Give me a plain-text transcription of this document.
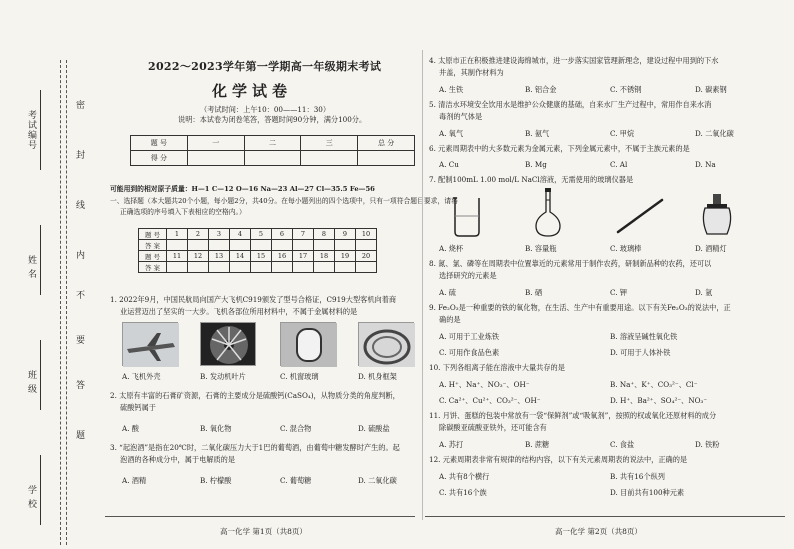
考试编号
班 级
姓 名
学 校
密
封
线
内
不
要
答
题
2022～2023学年第一学期高一年级期末考试
化学试卷
（考试时间：上午10：00——11：30）
说明：本试卷为闭卷笔答，答题时间90分钟，满分100分。
题 号	一	二	三	总 分
得 分				
可能用到的相对原子质量：H—1 C—12 O—16 Na—23 Al—27 Cl—35.5 Fe—56
一、选择题（本大题共20个小题，每小题2分，共40分。在每小题列出的四个选项中，只有一项符合题目要求，请将
正确选项的序号填入下表相应的空格内。）
题 号	1	2	3	4	5	6	7	8	9	10
答 案										
题 号	11	12	13	14	15	16	17	18	19	20
答 案										
1. 2022年9月，中国民航局向国产大飞机C919颁发了型号合格证，C919大型客机向着商
业运营迈出了坚实的一大步。飞机各部位所用材料中，不属于金属材料的是
A. 飞机外壳	B. 发动机叶片	C. 机窗玻璃	D. 机身框架
2. 太原有丰富的石膏矿资源，石膏的主要成分是硫酸钙(CaSO₄)，从物质分类的角度判断，
硫酸钙属于
A. 酸	B. 氧化物	C. 混合物	D. 硫酸盐
3. “起泡酒”是指在20℃时，二氧化碳压力大于1巴的葡萄酒，由葡萄中糖发酵时产生的。起
泡酒的各种成分中，属于电解质的是
A. 酒精	B. 柠檬酸	C. 葡萄糖	D. 二氧化碳
高一化学 第1页（共8页）
4. 太原市正在积极推进建设海绵城市，进一步落实国家管理新理念，建设过程中用到的下水
井盖，其制作材料为
A. 生铁	B. 铝合金	C. 不锈钢	D. 碳素钢
5. 清洁水环境安全饮用水是维护公众健康的基础，自来水厂生产过程中，常用作自来水消
毒剂的气体是
A. 氧气	B. 氨气	C. 甲烷	D. 二氧化碳
6. 元素周期表中的大多数元素为金属元素，下列金属元素中，不属于主族元素的是
A. Cu	B. Mg	C. Al	D. Na
7. 配制100mL 1.00 mol/L NaCl溶液，无需使用的玻璃仪器是
A. 烧杯	B. 容量瓶	C. 玻璃棒	D. 酒精灯
8. 氮、氯、磷等在周期表中位置靠近的元素常用于制作农药，研制新品种的农药，还可以
选择研究的元素是
A. 硫	B. 硒	C. 钾	D. 氩
9. Fe₂O₃是一种重要的铁的氧化物，在生活、生产中有重要用途。以下有关Fe₂O₃的说法中，正
确的是
A. 可用于工业炼铁	B. 溶液呈碱性氧化铁
C. 可用作食品色素	D. 可用于人体补铁
10. 下列各组离子能在溶液中大量共存的是
A. H⁺、Na⁺、NO₃⁻、OH⁻	B. Na⁺、K⁺、CO₃²⁻、Cl⁻
C. Ca²⁺、Cu²⁺、CO₃²⁻、OH⁻	D. H⁺、Ba²⁺、SO₄²⁻、NO₃⁻
11. 月饼、蛋糕的包装中常放有一袋“保鲜剂”或“吸氧剂”，按照的权或氧化还原材料的成分
除碳酸亚硫酸亚铁外，还可能含有
A. 苏打	B. 蔗糖	C. 食盐	D. 铁粉
12. 元素周期表非常有规律的结构内容，以下有关元素周期表的说法中，正确的是
A. 共有8个横行	B. 共有16个纵列
C. 共有16个族	D. 目前共有100种元素
高一化学 第2页（共8页）
